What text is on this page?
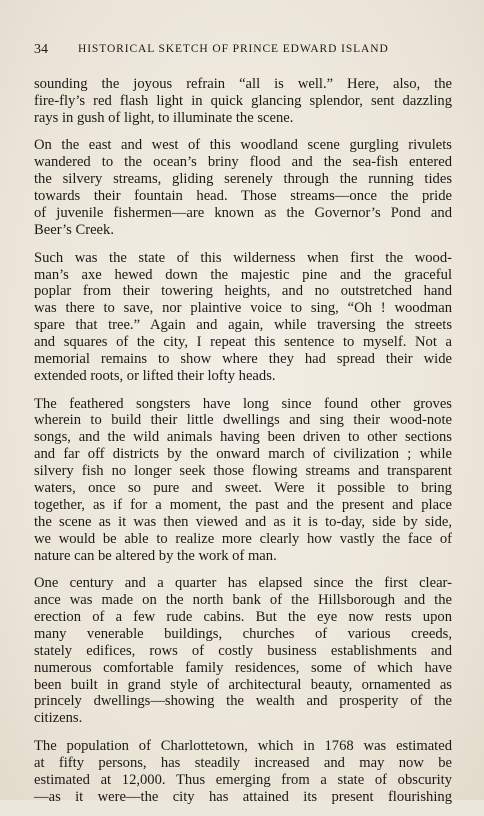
34	HISTORICAL SKETCH OF PRINCE EDWARD ISLAND

sounding the joyous refrain “all is well.” Here, also, the
fire-fly’s red flash light in quick glancing splendor, sent dazzling
rays in gush of light, to illuminate the scene.

On the east and west of this woodland scene gurgling rivulets
wandered to the ocean’s briny flood and the sea-fish entered
the silvery streams, gliding serenely through the running tides
towards their fountain head. Those streams—once the pride
of juvenile fishermen—are known as the Governor’s Pond and
Beer’s Creek.

Such was the state of this wilderness when first the wood-
man’s axe hewed down the majestic pine and the graceful
poplar from their towering heights, and no outstretched hand
was there to save, nor plaintive voice to sing, “Oh ! woodman
spare that tree.” Again and again, while traversing the streets
and squares of the city, I repeat this sentence to myself. Not a
memorial remains to show where they had spread their wide
extended roots, or lifted their lofty heads.

The feathered songsters have long since found other groves
wherein to build their little dwellings and sing their wood-note
songs, and the wild animals having been driven to other sections
and far off districts by the onward march of civilization ; while
silvery fish no longer seek those flowing streams and transparent
waters, once so pure and sweet. Were it possible to bring
together, as if for a moment, the past and the present and place
the scene as it was then viewed and as it is to-day, side by side,
we would be able to realize more clearly how vastly the face of
nature can be altered by the work of man.

One century and a quarter has elapsed since the first clear-
ance was made on the north bank of the Hillsborough and the
erection of a few rude cabins. But the eye now rests upon
many venerable buildings, churches of various creeds,
stately edifices, rows of costly business establishments and
numerous comfortable family residences, some of which have
been built in grand style of architectural beauty, ornamented as
princely dwellings—showing the wealth and prosperity of the
citizens.

The population of Charlottetown, which in 1768 was estimated
at fifty persons, has steadily increased and may now be
estimated at 12,000. Thus emerging from a state of obscurity
—as it were—the city has attained its present flourishing
